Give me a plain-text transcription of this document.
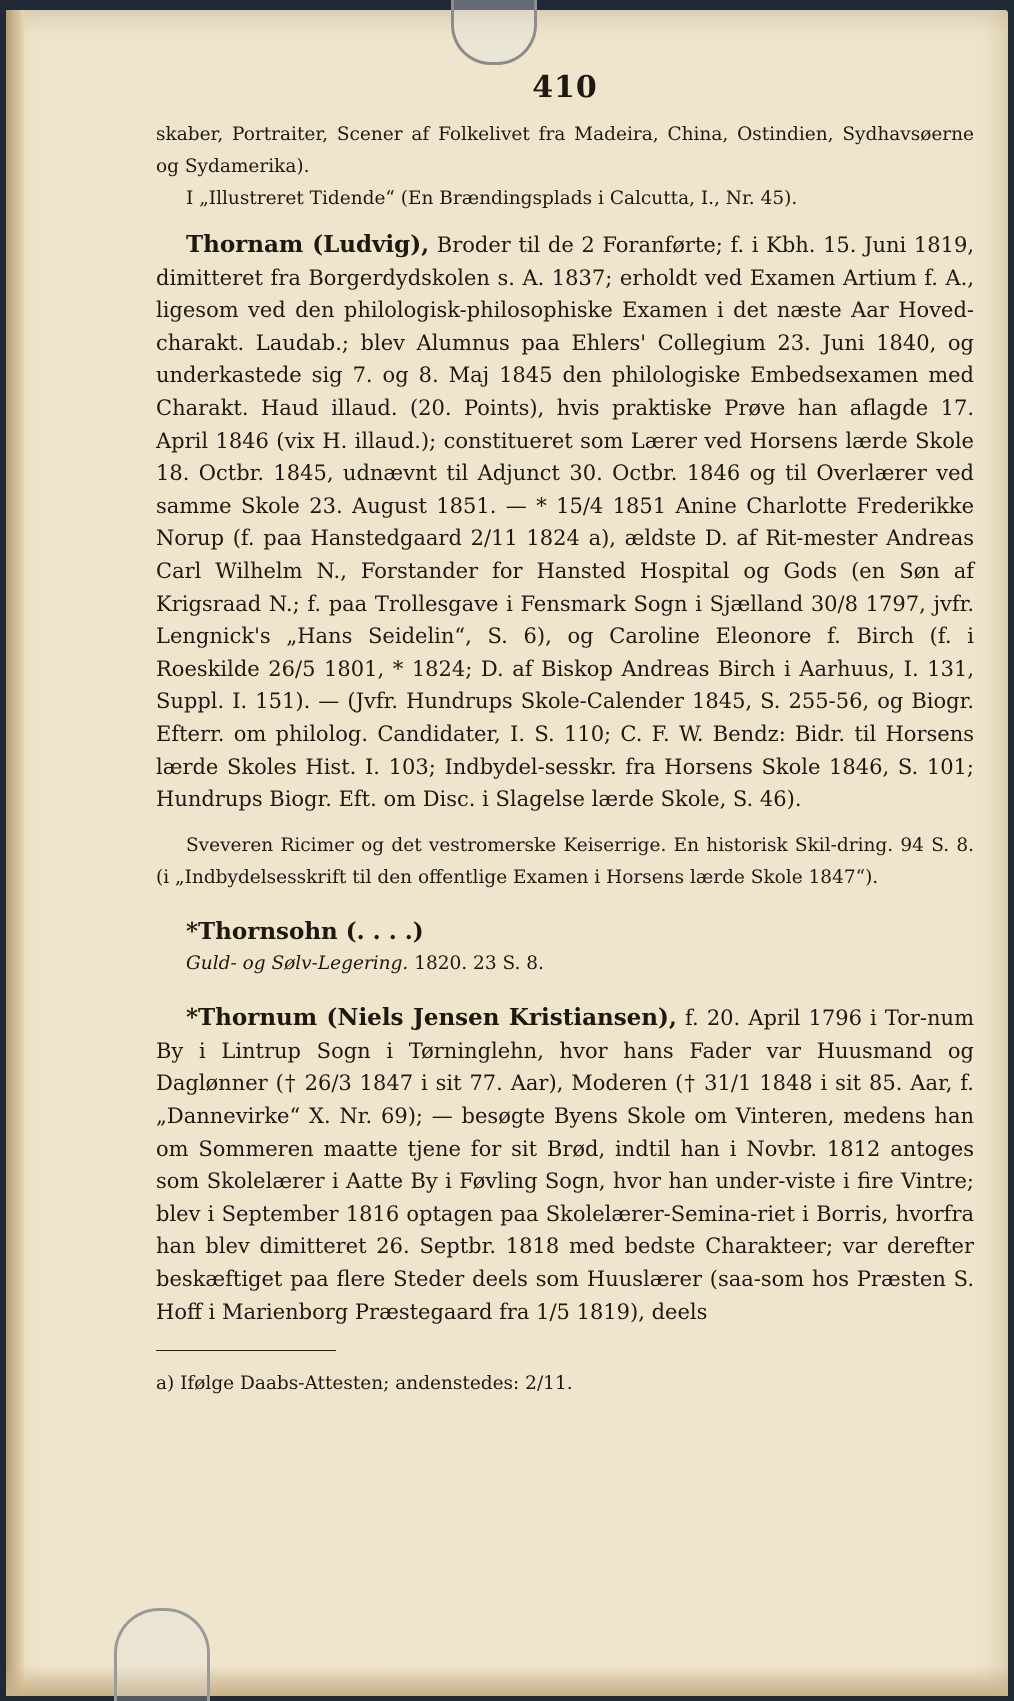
410

skaber, Portraiter, Scener af Folkelivet fra Madeira, China, Ostindien, Sydhavsøerne og Sydamerika).

I „Illustreret Tidende“ (En Brændingsplads i Calcutta, I., Nr. 45).

Thornam (Ludvig), Broder til de 2 Foranførte; f. i Kbh. 15. Juni 1819, dimitteret fra Borgerdydskolen s. A. 1837; erholdt ved Examen Artium f. A., ligesom ved den philologisk-philosophiske Examen i det næste Aar Hoved-charakt. Laudab.; blev Alumnus paa Ehlers' Collegium 23. Juni 1840, og underkastede sig 7. og 8. Maj 1845 den philologiske Embedsexamen med Charakt. Haud illaud. (20. Points), hvis praktiske Prøve han aflagde 17. April 1846 (vix H. illaud.); constitueret som Lærer ved Horsens lærde Skole 18. Octbr. 1845, udnævnt til Adjunct 30. Octbr. 1846 og til Overlærer ved samme Skole 23. August 1851. — * 15/4 1851 Anine Charlotte Frederikke Norup (f. paa Hanstedgaard 2/11 1824 a), ældste D. af Rit-mester Andreas Carl Wilhelm N., Forstander for Hansted Hospital og Gods (en Søn af Krigsraad N.; f. paa Trollesgave i Fensmark Sogn i Sjælland 30/8 1797, jvfr. Lengnick's „Hans Seidelin“, S. 6), og Caroline Eleonore f. Birch (f. i Roeskilde 26/5 1801, * 1824; D. af Biskop Andreas Birch i Aarhuus, I. 131, Suppl. I. 151). — (Jvfr. Hundrups Skole-Calender 1845, S. 255-56, og Biogr. Efterr. om philolog. Candidater, I. S. 110; C. F. W. Bendz: Bidr. til Horsens lærde Skoles Hist. I. 103; Indbydel-sesskr. fra Horsens Skole 1846, S. 101; Hundrups Biogr. Eft. om Disc. i Slagelse lærde Skole, S. 46).

Sveveren Ricimer og det vestromerske Keiserrige. En historisk Skil-dring. 94 S. 8. (i „Indbydelsesskrift til den offentlige Examen i Horsens lærde Skole 1847“).

*Thornsohn (. . . .)

Guld- og Sølv-Legering. 1820. 23 S. 8.

*Thornum (Niels Jensen Kristiansen), f. 20. April 1796 i Tor-num By i Lintrup Sogn i Tørninglehn, hvor hans Fader var Huusmand og Daglønner († 26/3 1847 i sit 77. Aar), Moderen († 31/1 1848 i sit 85. Aar, f. „Dannevirke“ X. Nr. 69); — besøgte Byens Skole om Vinteren, medens han om Sommeren maatte tjene for sit Brød, indtil han i Novbr. 1812 antoges som Skolelærer i Aatte By i Føvling Sogn, hvor han under-viste i fire Vintre; blev i September 1816 optagen paa Skolelærer-Semina-riet i Borris, hvorfra han blev dimitteret 26. Septbr. 1818 med bedste Charakteer; var derefter beskæftiget paa flere Steder deels som Huuslærer (saa-som hos Præsten S. Hoff i Marienborg Præstegaard fra 1/5 1819), deels

a) Ifølge Daabs-Attesten; andenstedes: 2/11.
